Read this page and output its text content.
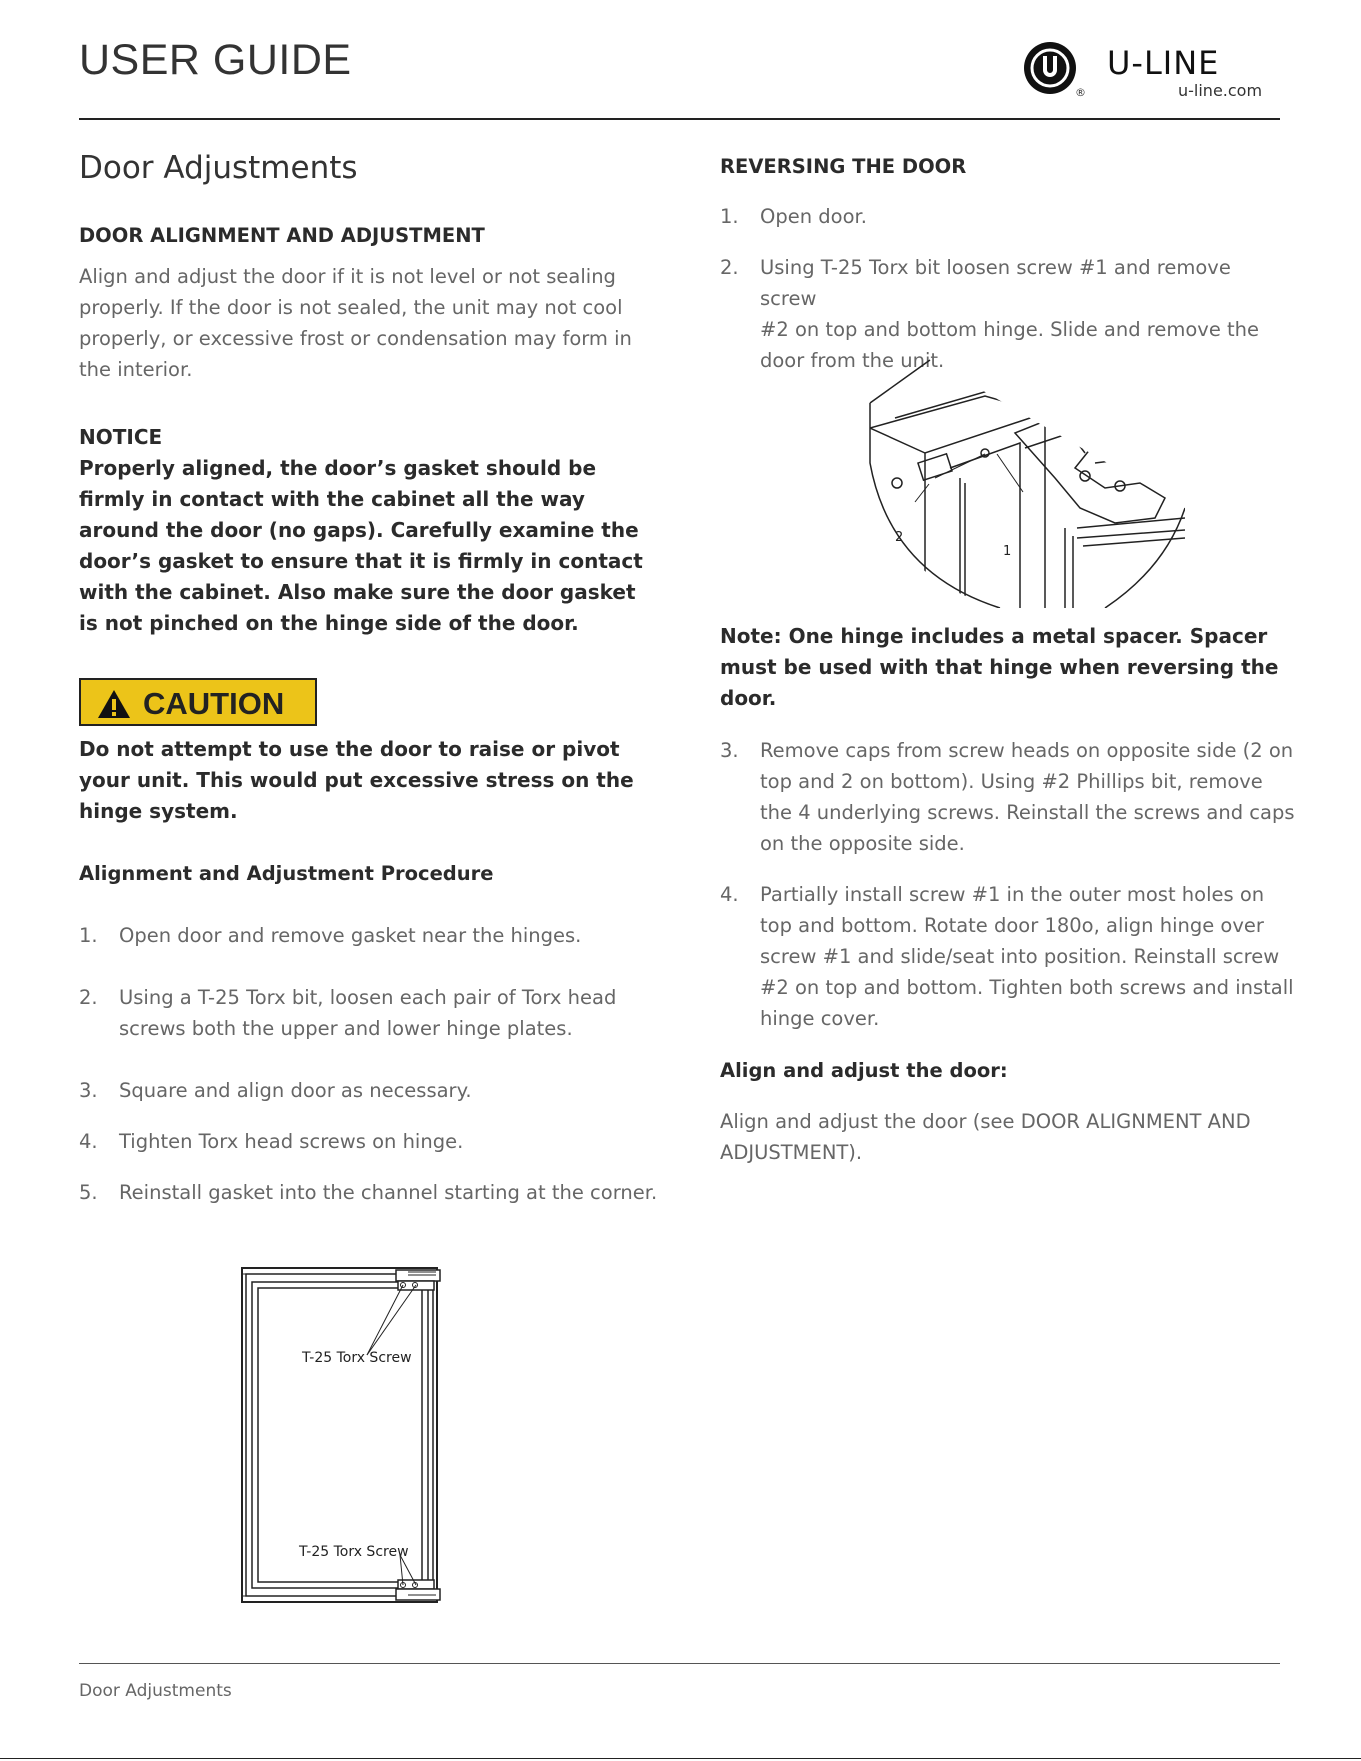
USER GUIDE
®
U-LINE
u-line.com
Door Adjustments
DOOR ALIGNMENT AND ADJUSTMENT
Align and adjust the door if it is not level or not sealing
properly. If the door is not sealed, the unit may not cool
properly, or excessive frost or condensation may form in
the interior.
NOTICE
Properly aligned, the door’s gasket should be
firmly in contact with the cabinet all the way
around the door (no gaps). Carefully examine the
door’s gasket to ensure that it is firmly in contact
with the cabinet. Also make sure the door gasket
is not pinched on the hinge side of the door.
CAUTION
Do not attempt to use the door to raise or pivot
your unit. This would put excessive stress on the
hinge system.
Alignment and Adjustment Procedure
1. Open door and remove gasket near the hinges.
2. Using a T-25 Torx bit, loosen each pair of Torx head
screws both the upper and lower hinge plates.
3. Square and align door as necessary.
4. Tighten Torx head screws on hinge.
5. Reinstall gasket into the channel starting at the corner.
T-25 Torx Screw
T-25 Torx Screw
REVERSING THE DOOR
1. Open door.
2. Using T-25 Torx bit loosen screw #1 and remove screw
#2 on top and bottom hinge. Slide and remove the
door from the unit.
2
1
Note: One hinge includes a metal spacer. Spacer
must be used with that hinge when reversing the
door.
3. Remove caps from screw heads on opposite side (2 on
top and 2 on bottom). Using #2 Phillips bit, remove
the 4 underlying screws. Reinstall the screws and caps
on the opposite side.
4. Partially install screw #1 in the outer most holes on
top and bottom. Rotate door 180o, align hinge over
screw #1 and slide/seat into position. Reinstall screw
#2 on top and bottom. Tighten both screws and install
hinge cover.
Align and adjust the door:
Align and adjust the door (see DOOR ALIGNMENT AND
ADJUSTMENT).
Door Adjustments
